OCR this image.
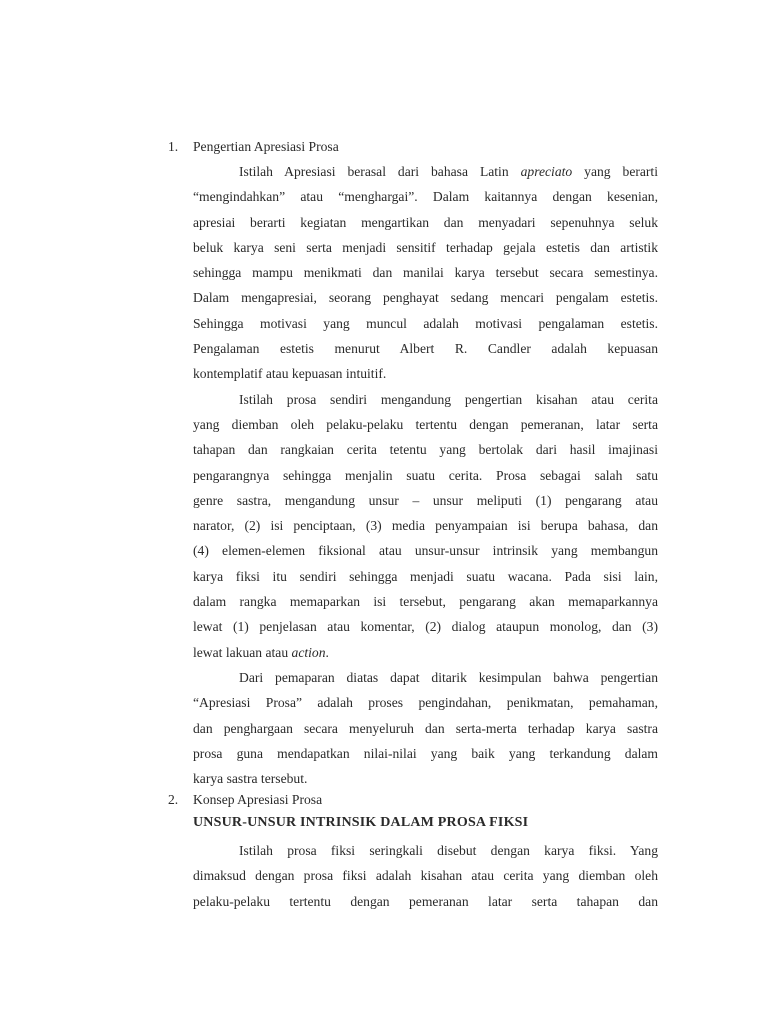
1. Pengertian Apresiasi Prosa
Istilah Apresiasi berasal dari bahasa Latin apreciato yang berarti
“mengindahkan” atau “menghargai”. Dalam kaitannya dengan kesenian,
apresiai berarti kegiatan mengartikan dan menyadari sepenuhnya seluk
beluk karya seni serta menjadi sensitif terhadap gejala estetis dan artistik
sehingga mampu menikmati dan manilai karya tersebut secara semestinya.
Dalam mengapresiai, seorang penghayat sedang mencari pengalam estetis.
Sehingga motivasi yang muncul adalah motivasi pengalaman estetis.
Pengalaman estetis menurut Albert R. Candler adalah kepuasan
kontemplatif atau kepuasan intuitif.
Istilah prosa sendiri mengandung pengertian kisahan atau cerita
yang diemban oleh pelaku-pelaku tertentu dengan pemeranan, latar serta
tahapan dan rangkaian cerita tetentu yang bertolak dari hasil imajinasi
pengarangnya sehingga menjalin suatu cerita. Prosa sebagai salah satu
genre sastra, mengandung unsur – unsur meliputi (1) pengarang atau
narator, (2) isi penciptaan, (3) media penyampaian isi berupa bahasa, dan
(4) elemen-elemen fiksional atau unsur-unsur intrinsik yang membangun
karya fiksi itu sendiri sehingga menjadi suatu wacana. Pada sisi lain,
dalam rangka memaparkan isi tersebut, pengarang akan memaparkannya
lewat (1) penjelasan atau komentar, (2) dialog ataupun monolog, dan (3)
lewat lakuan atau action.
Dari pemaparan diatas dapat ditarik kesimpulan bahwa pengertian
“Apresiasi Prosa” adalah proses pengindahan, penikmatan, pemahaman,
dan penghargaan secara menyeluruh dan serta-merta terhadap karya sastra
prosa guna mendapatkan nilai-nilai yang baik yang terkandung dalam
karya sastra tersebut.
2. Konsep Apresiasi Prosa
UNSUR-UNSUR INTRINSIK DALAM PROSA FIKSI
Istilah prosa fiksi seringkali disebut dengan karya fiksi. Yang
dimaksud dengan prosa fiksi adalah kisahan atau cerita yang diemban oleh
pelaku-pelaku tertentu dengan pemeranan latar serta tahapan dan
